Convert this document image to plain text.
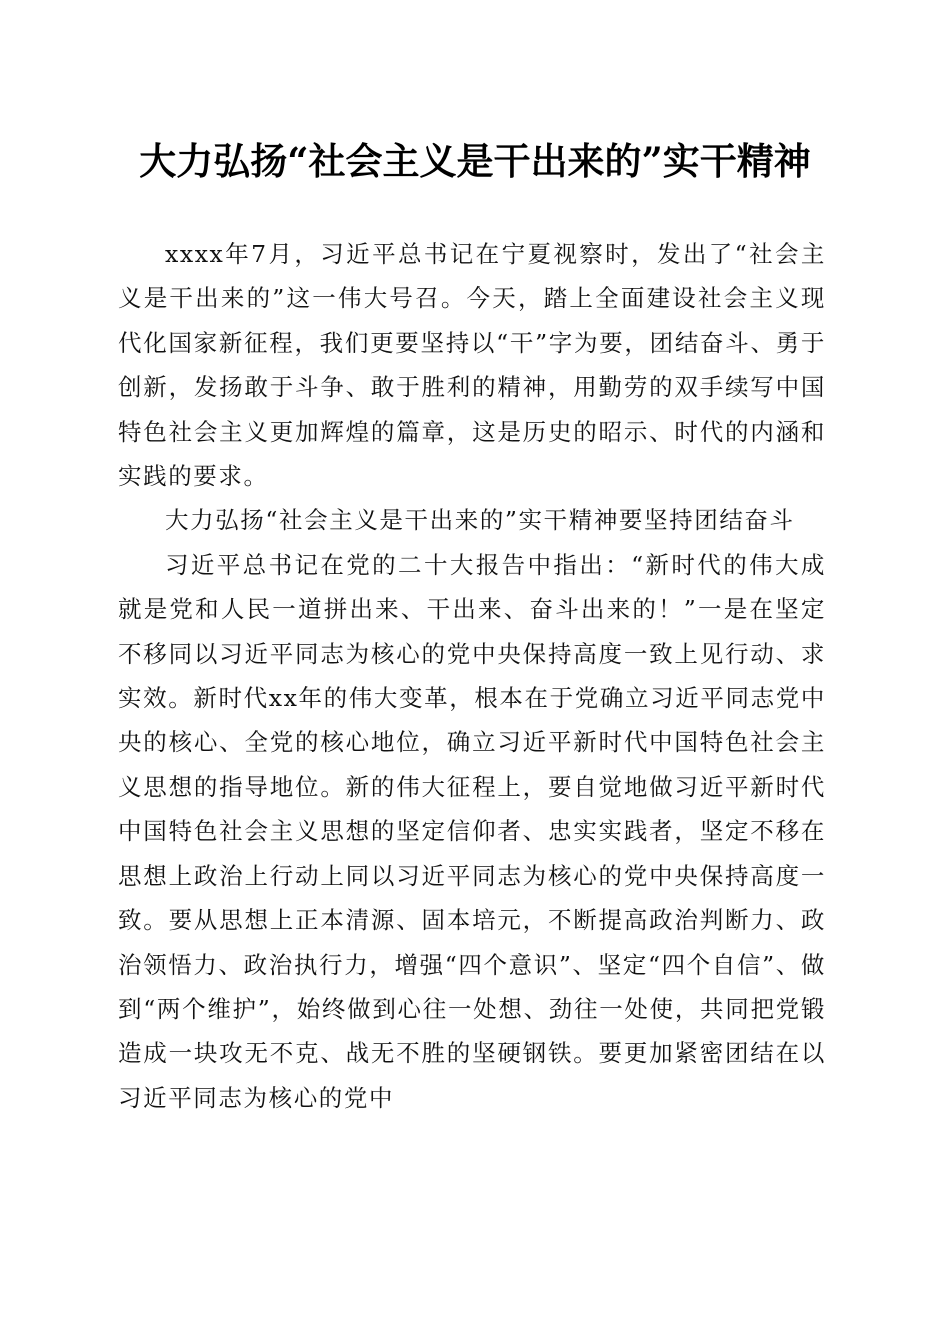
大力弘扬“社会主义是干出来的”实干精神

xxxx年7月，习近平总书记在宁夏视察时，发出了“社会主义是干出来的”这一伟大号召。今天，踏上全面建设社会主义现代化国家新征程，我们更要坚持以“干”字为要，团结奋斗、勇于创新，发扬敢于斗争、敢于胜利的精神，用勤劳的双手续写中国特色社会主义更加辉煌的篇章，这是历史的昭示、时代的内涵和实践的要求。

大力弘扬“社会主义是干出来的”实干精神要坚持团结奋斗

习近平总书记在党的二十大报告中指出：“新时代的伟大成就是党和人民一道拼出来、干出来、奋斗出来的！”一是在坚定不移同以习近平同志为核心的党中央保持高度一致上见行动、求实效。新时代xx年的伟大变革，根本在于党确立习近平同志党中央的核心、全党的核心地位，确立习近平新时代中国特色社会主义思想的指导地位。新的伟大征程上，要自觉地做习近平新时代中国特色社会主义思想的坚定信仰者、忠实实践者，坚定不移在思想上政治上行动上同以习近平同志为核心的党中央保持高度一致。要从思想上正本清源、固本培元，不断提高政治判断力、政治领悟力、政治执行力，增强“四个意识”、坚定“四个自信”、做到“两个维护”，始终做到心往一处想、劲往一处使，共同把党锻造成一块攻无不克、战无不胜的坚硬钢铁。要更加紧密团结在以习近平同志为核心的党中
